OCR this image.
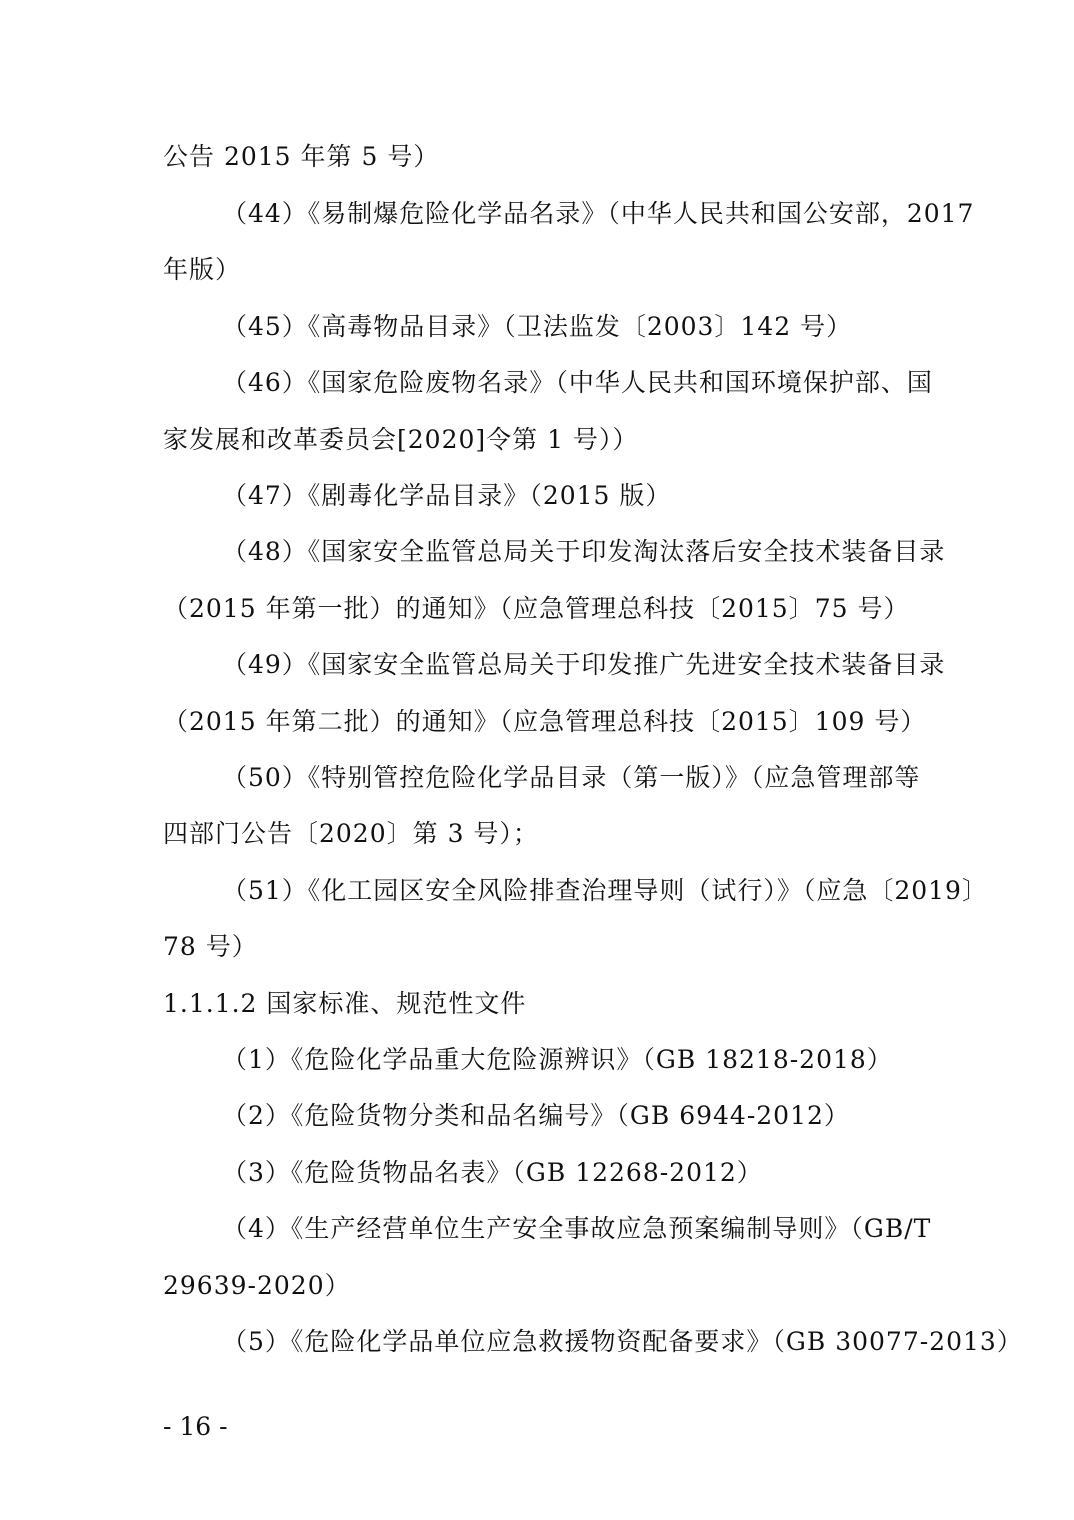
公告 2015 年第 5 号）
（44）《易制爆危险化学品名录》（中华人民共和国公安部，2017
年版）
（45）《高毒物品目录》（卫法监发〔2003〕142 号）
（46）《国家危险废物名录》（中华人民共和国环境保护部、国
家发展和改革委员会[2020]令第 1 号））
（47）《剧毒化学品目录》（2015 版）
（48）《国家安全监管总局关于印发淘汰落后安全技术装备目录
（2015 年第一批）的通知》（应急管理总科技〔2015〕75 号）
（49）《国家安全监管总局关于印发推广先进安全技术装备目录
（2015 年第二批）的通知》（应急管理总科技〔2015〕109 号）
（50）《特别管控危险化学品目录（第一版）》（应急管理部等
四部门公告〔2020〕第 3 号）；
（51）《化工园区安全风险排查治理导则（试行）》（应急〔2019〕
78 号）
1.1.1.2 国家标准、规范性文件
（1）《危险化学品重大危险源辨识》（GB 18218-2018）
（2）《危险货物分类和品名编号》（GB 6944-2012）
（3）《危险货物品名表》（GB 12268-2012）
（4）《生产经营单位生产安全事故应急预案编制导则》（GB/T
29639-2020）
（5）《危险化学品单位应急救援物资配备要求》（GB 30077-2013）
- 16 -
